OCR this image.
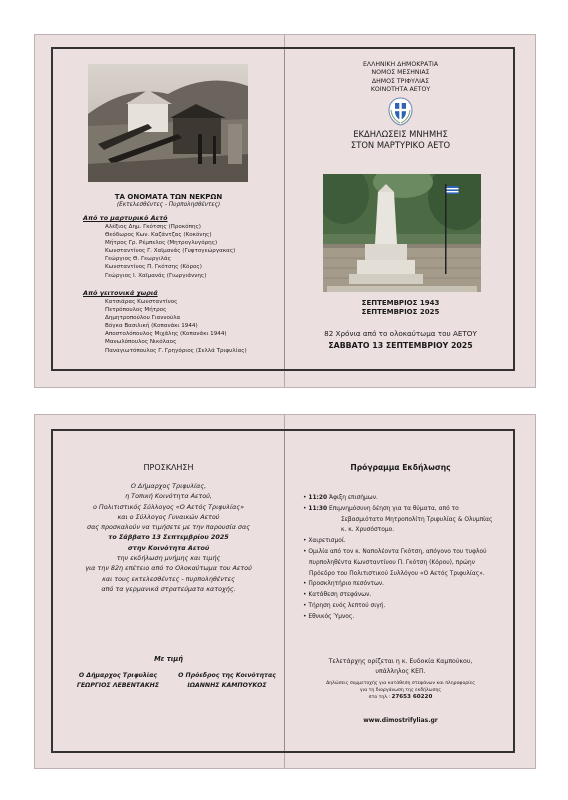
ΤΑ ΟΝΟΜΑΤΑ ΤΩΝ ΝΕΚΡΩΝ
(Εκτελεσθέντες - Πυρπολησθέντες)
Από το μαρτυρικό Αετό
Αλέξιος Δημ. Γκότσης (Προκόπης)
Θεόδωρος Κων. Καζάντζας (Κοκόνης)
Μήτρος Γρ. Ρέμπελος (Μητρογλυγόρης)
Κωνσταντίνος Γ. Χαϊμανάς (Γυφτογεώργακας)
Γεώργιος Θ. Γεωργιλάς
Κωνσταντίνος Π. Γκότσης (Κόρος)
Γεώργιος Ι. Χαϊμανάς (Γιωργιάννης)
Από γειτονικά χωριά
Κατσιάρας Κωνσταντίνος
Πετρόπουλος Μήτρος
Δημητροπούλου Γιαννούλα
Βόγκα Βασιλική (Κοπανάκι 1944)
Αποστολόπουλος Μιχάλης (Κοπανάκι 1944)
Μανωλόπουλος Νικόλαος
Παναγιωτόπουλος Γ. Γρηγόριος (Σελλά Τριφυλίας)
ΕΛΛΗΝΙΚΗ ΔΗΜΟΚΡΑΤΙΑ
ΝΟΜΟΣ ΜΕΣΗΝΙΑΣ
ΔΗΜΟΣ ΤΡΙΦΥΛΙΑΣ
ΚΟΙΝΟΤΗΤΑ ΑΕΤΟΥ
ΕΚΔΗΛΩΣΕΙΣ ΜΝΗΜΗΣ
ΣΤΟΝ ΜΑΡΤΥΡΙΚΟ ΑΕΤΟ
ΣΕΠΤΕΜΒΡΙΟΣ 1943
ΣΕΠΤΕΜΒΡΙΟΣ 2025
82 Χρόνια από το ολοκαύτωμα του ΑΕΤΟΥ
ΣΑΒΒΑΤΟ 13 ΣΕΠΤΕΜΒΡΙΟΥ 2025
ΠΡΟΣΚΛΗΣΗ
Ο Δήμαρχος Τριφυλίας,
η Τοπική Κοινότητα Αετού,
ο Πολιτιστικός Σύλλογος «Ο Αετός Τριφυλίας»
και ο Σύλλογος Γυναικών Αετού
σας προσκαλούν να τιμήσετε με την παρουσία σας
το Σάββατο 13 Σεπτεμβρίου 2025
στην Κοινότητα Αετού
την εκδήλωση μνήμης και τιμής
για την 82η επέτειο από το Ολοκαύτωμα του Αετού
και τους εκτελεσθέντες - πυρποληθέντες
από τα γερμανικά στρατεύματα κατοχής.
Με τιμή
Ο Δήμαρχος Τριφυλίας
ΓΕΩΡΓΙΟΣ ΛΕΒΕΝΤΑΚΗΣ
Ο Πρόεδρος της Κοινότητας
ΙΩΑΝΝΗΣ ΚΑΜΠΟΥΚΟΣ
Πρόγραμμα Εκδήλωσης
• 11:20 Άφιξη επισήμων.
• 11:30 Επιμνημόσυνη δέηση για τα θύματα, από το
Σεβασμιότατο Μητροπολίτη Τριφυλίας & Ολυμπίας
κ. κ. Χρυσόστομο.
• Χαιρετισμοί.
• Ομιλία από τον κ. Ναπολέοντα Γκότση, απόγονο του τυφλού
πυρποληθέντα Κωνσταντίνου Π. Γκότση (Κόρου), πρώην
Πρόεδρο του Πολιτιστικού Συλλόγου «Ο Αετός Τριφυλίας».
• Προσκλητήριο πεσόντων.
• Κατάθεση στεφάνων.
• Τήρηση ενός λεπτού σιγή.
• Εθνικός Ύμνος.
Τελετάρχης ορίζεται η κ. Ευδοκία Καμπούκου,
υπάλληλος ΚΕΠ.
Δηλώσεις συμμετοχής για κατάθεση στεφάνων και πληροφορίες
για τη διοργάνωση της εκδήλωσης
στο τηλ.: 27653 60220
www.dimostrifylias.gr
